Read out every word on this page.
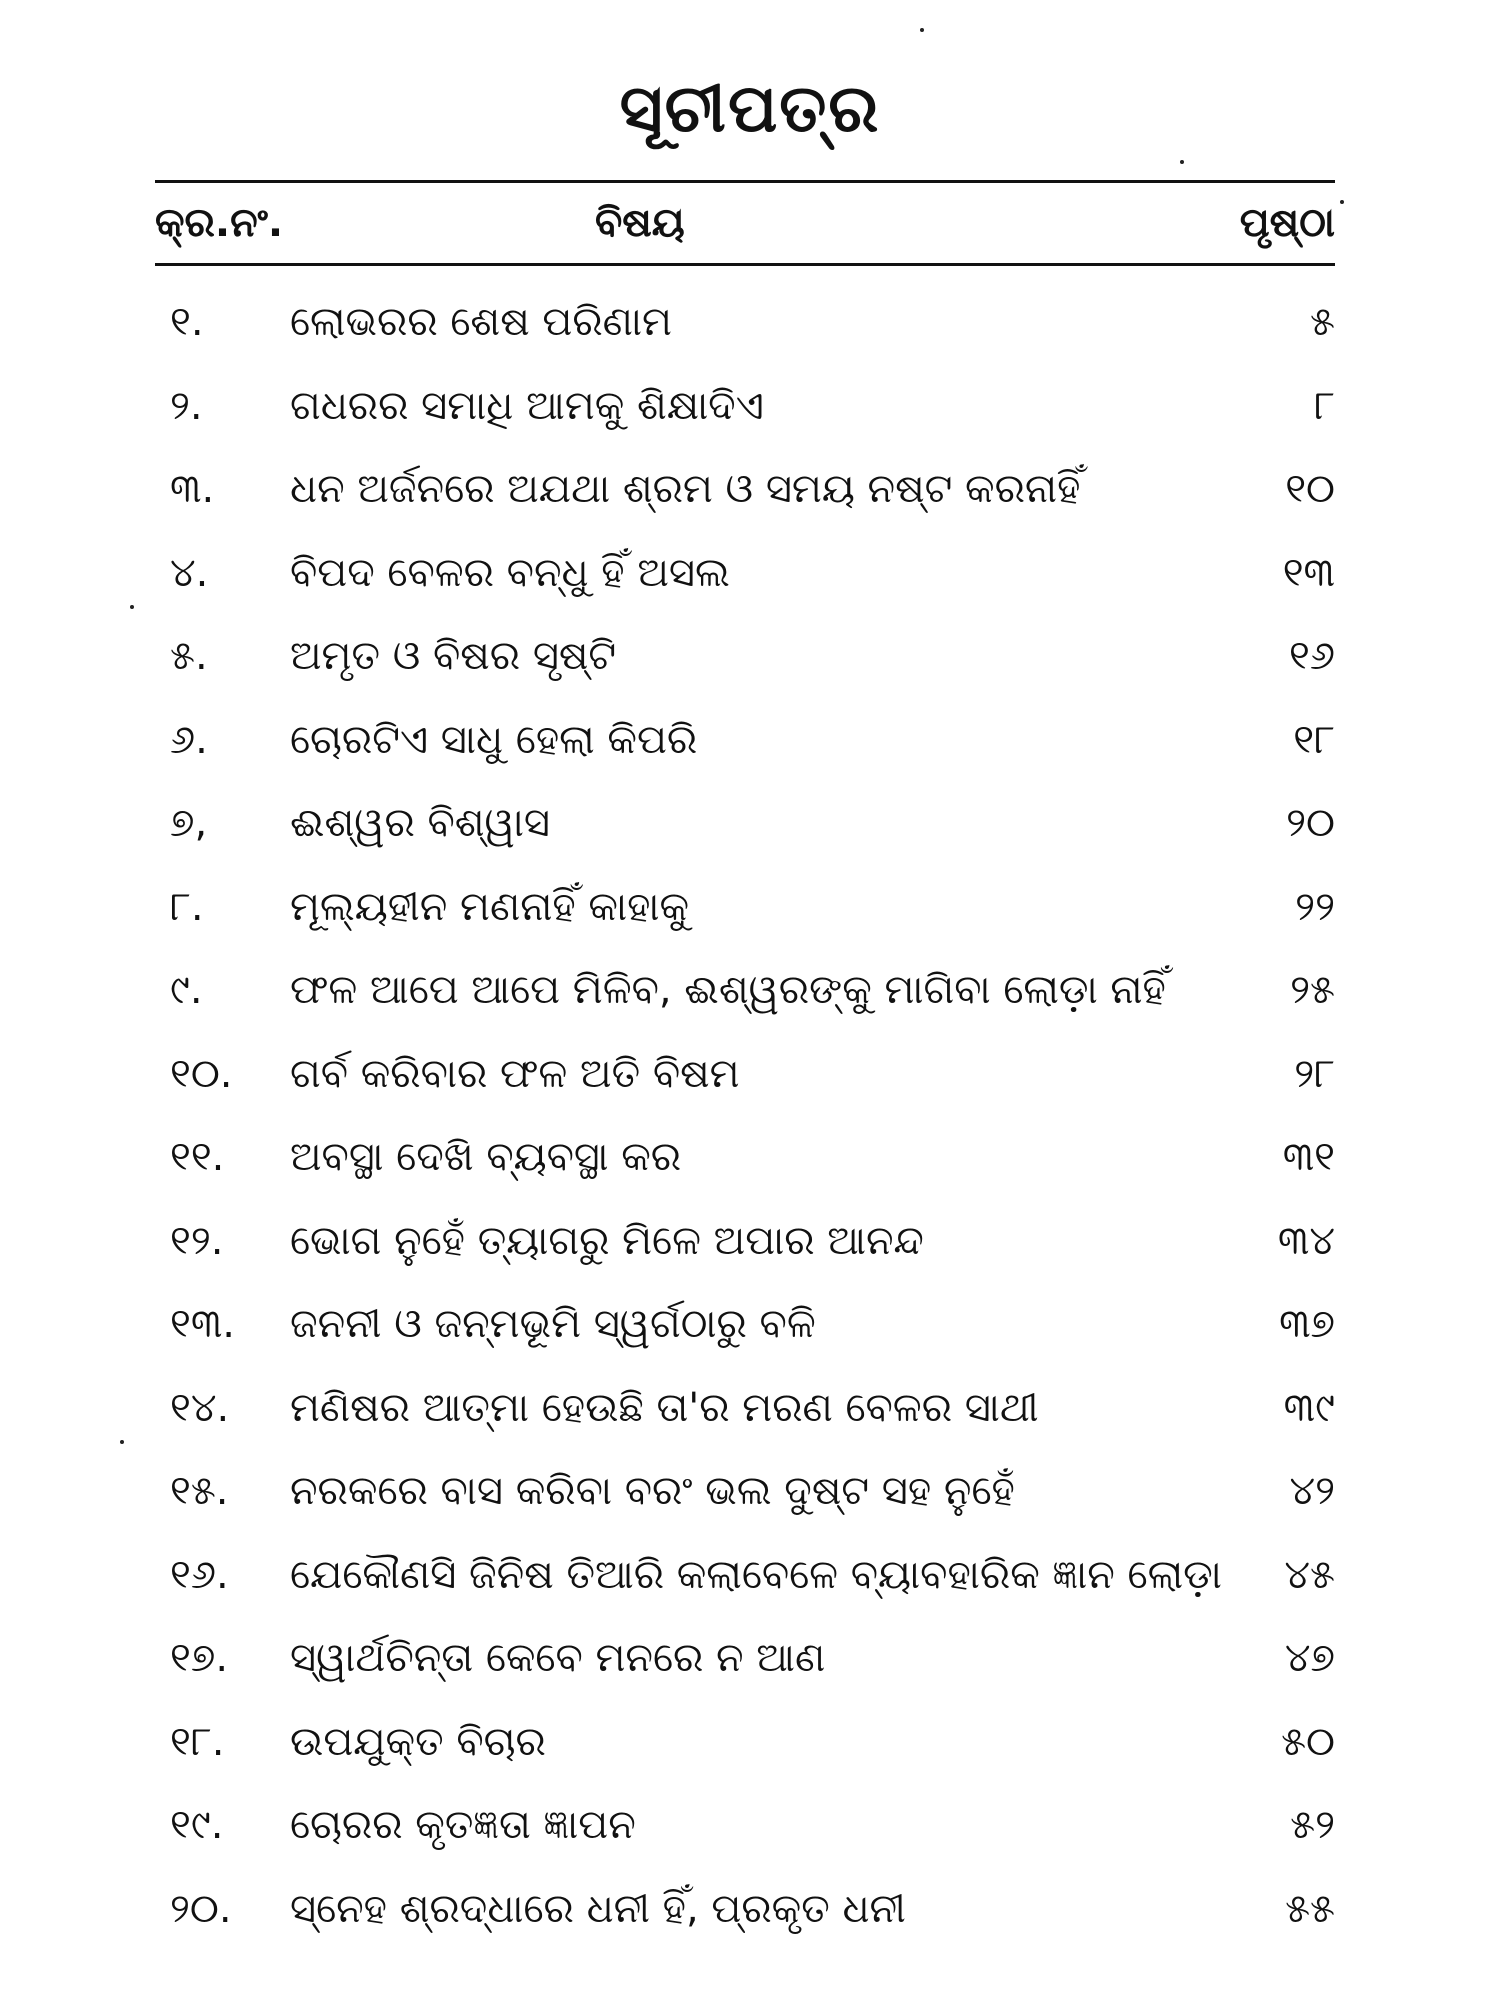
ସୂଚୀପତ୍ର
କ୍ର.ନଂ.	ବିଷୟ	ପୃଷ୍ଠା
୧. ଲୋଭରର ଶେଷ ପରିଣାମ	୫
୨. ଗଧରର ସମାଧି ଆମକୁ ଶିକ୍ଷାଦିଏ	୮
୩. ଧନ ଅର୍ଜନରେ ଅଯଥା ଶ୍ରମ ଓ ସମୟ ନଷ୍ଟ କରନାହିଁ	୧୦
୪. ବିପଦ ବେଳର ବନ୍ଧୁ ହିଁ ଅସଲ	୧୩
୫. ଅମୃତ ଓ ବିଷର ସୃଷ୍ଟି	୧୬
୬. ଚୋରଟିଏ ସାଧୁ ହେଲା କିପରି	୧୮
୭, ଈଶ୍ୱର ବିଶ୍ୱାସ	୨୦
୮. ମୂଲ୍ୟହୀନ ମଣନାହିଁ କାହାକୁ	୨୨
୯. ଫଳ ଆପେ ଆପେ ମିଳିବ, ଈଶ୍ୱରଙ୍କୁ ମାଗିବା ଲୋଡ଼ା ନାହିଁ	୨୫
୧୦. ଗର୍ବ କରିବାର ଫଳ ଅତି ବିଷମ	୨୮
୧୧. ଅବସ୍ଥା ଦେଖି ବ୍ୟବସ୍ଥା କର	୩୧
୧୨. ଭୋଗ ନୁହେଁ ତ୍ୟାଗରୁ ମିଳେ ଅପାର ଆନନ୍ଦ	୩୪
୧୩. ଜନନୀ ଓ ଜନ୍ମଭୂମି ସ୍ୱର୍ଗଠାରୁ ବଳି	୩୭
୧୪. ମଣିଷର ଆତ୍ମା ହେଉଛି ତା'ର ମରଣ ବେଳର ସାଥୀ	୩୯
୧୫. ନରକରେ ବାସ କରିବା ବରଂ ଭଲ ଦୁଷ୍ଟ ସହ ନୁହେଁ	୪୨
୧୬. ଯେକୌଣସି ଜିନିଷ ତିଆରି କଲାବେଳେ ବ୍ୟାବହାରିକ ଜ୍ଞାନ ଲୋଡ଼ା ୪୫
୧୭. ସ୍ୱାର୍ଥଚିନ୍ତା କେବେ ମନରେ ନ ଆଣ	୪୭
୧୮. ଉପଯୁକ୍ତ ବିଚାର	୫୦
୧୯. ଚୋରର କୃତଜ୍ଞତା ଜ୍ଞାପନ	୫୨
୨୦. ସ୍ନେହ ଶ୍ରଦ୍ଧାରେ ଧନୀ ହିଁ, ପ୍ରକୃତ ଧନୀ	୫୫
